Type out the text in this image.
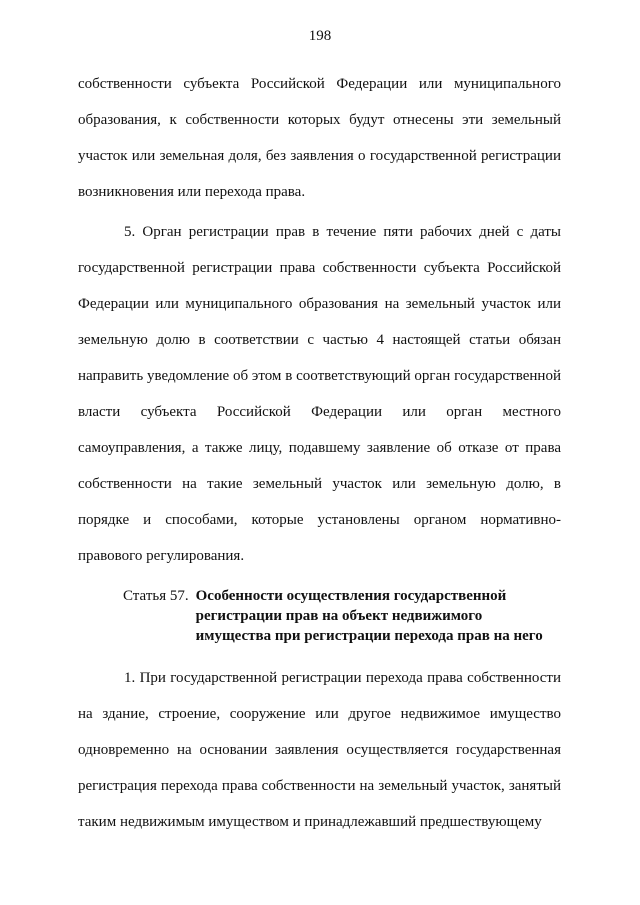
198

собственности субъекта Российской Федерации или муниципального образования, к собственности которых будут отнесены эти земельный участок или земельная доля, без заявления о государственной регистрации возникновения или перехода права.

5. Орган регистрации прав в течение пяти рабочих дней с даты государственной регистрации права собственности субъекта Российской Федерации или муниципального образования на земельный участок или земельную долю в соответствии с частью 4 настоящей статьи обязан направить уведомление об этом в соответствующий орган государственной власти субъекта Российской Федерации или орган местного самоуправления, а также лицу, подавшему заявление об отказе от права собственности на такие земельный участок или земельную долю, в порядке и способами, которые установлены органом нормативно-правового регулирования.

Статья 57. Особенности осуществления государственной
регистрации прав на объект недвижимого
имущества при регистрации перехода прав на него

1. При государственной регистрации перехода права собственности на здание, строение, сооружение или другое недвижимое имущество одновременно на основании заявления осуществляется государственная регистрация перехода права собственности на земельный участок, занятый таким недвижимым имуществом и принадлежавший предшествующему
